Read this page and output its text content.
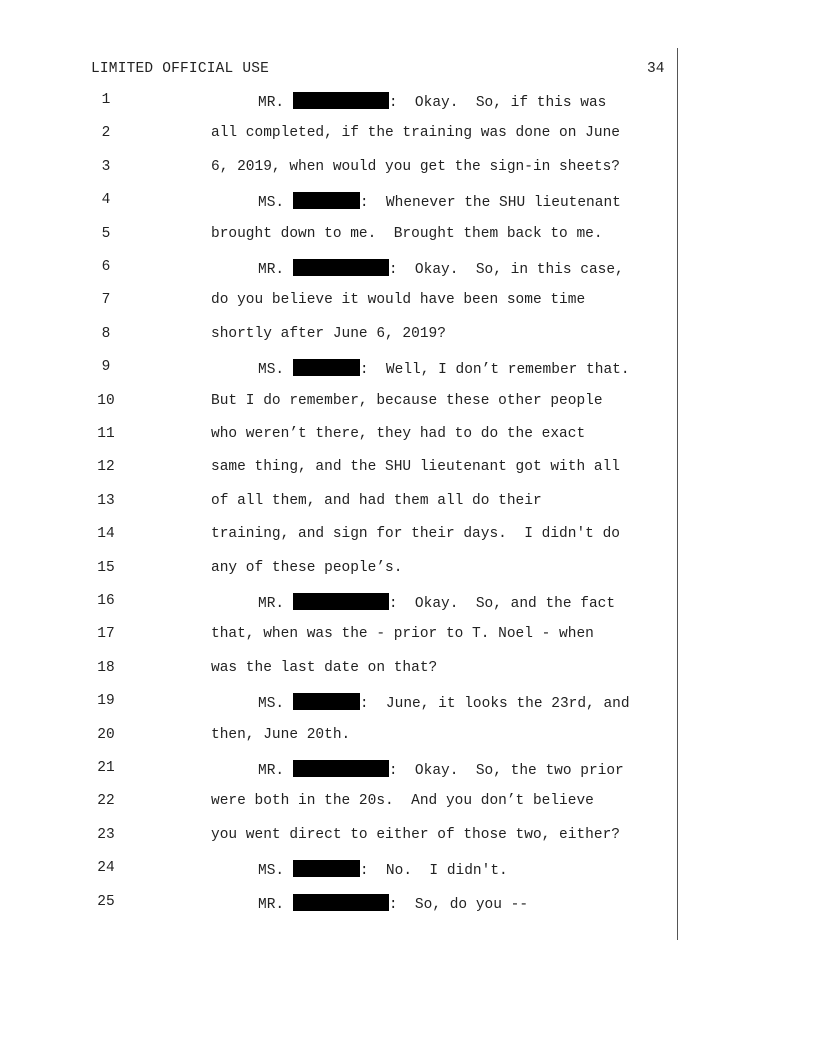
LIMITED OFFICIAL USE	34
1	MR.	:  Okay.  So, if this was
2	all completed, if the training was done on June
3	6, 2019, when would you get the sign-in sheets?
4	MS.	:  Whenever the SHU lieutenant
5	brought down to me.  Brought them back to me.
6	MR.	:  Okay.  So, in this case,
7	do you believe it would have been some time
8	shortly after June 6, 2019?
9	MS.	:  Well, I don’t remember that.
10	But I do remember, because these other people
11	who weren’t there, they had to do the exact
12	same thing, and the SHU lieutenant got with all
13	of all them, and had them all do their
14	training, and sign for their days.  I didn't do
15	any of these people’s.
16	MR.	:  Okay.  So, and the fact
17	that, when was the - prior to T. Noel - when
18	was the last date on that?
19	MS.	:  June, it looks the 23rd, and
20	then, June 20th.
21	MR.	:  Okay.  So, the two prior
22	were both in the 20s.  And you don’t believe
23	you went direct to either of those two, either?
24	MS.	:  No.  I didn't.
25	MR.	:  So, do you --
